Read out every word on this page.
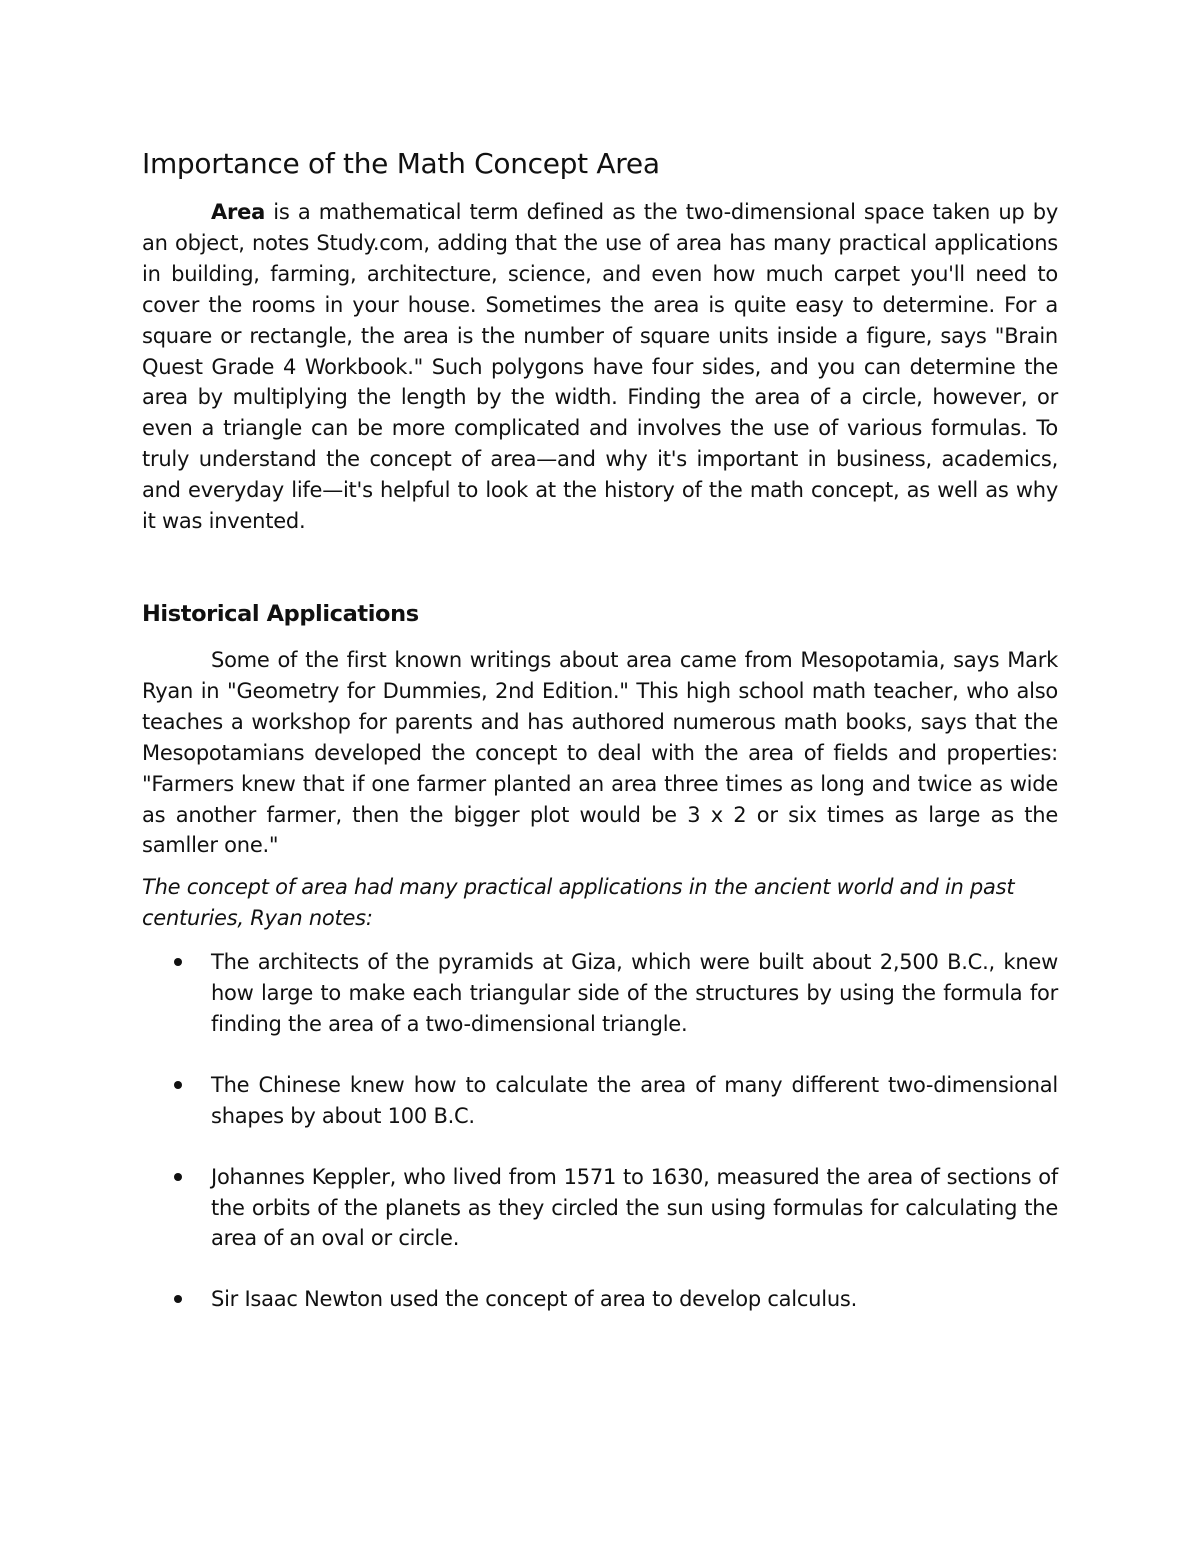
Importance of the Math Concept Area

Area is a mathematical term defined as the two-dimensional space taken up by an object, notes Study.com, adding that the use of area has many practical applications in building, farming, architecture, science, and even how much carpet you'll need to cover the rooms in your house. Sometimes the area is quite easy to determine. For a square or rectangle, the area is the number of square units inside a figure, says "Brain Quest Grade 4 Workbook." Such polygons have four sides, and you can determine the area by multiplying the length by the width. Finding the area of a circle, however, or even a triangle can be more complicated and involves the use of various formulas. To truly understand the concept of area—and why it's important in business, academics, and everyday life—it's helpful to look at the history of the math concept, as well as why it was invented.

Historical Applications

Some of the first known writings about area came from Mesopotamia, says Mark Ryan in "Geometry for Dummies, 2nd Edition." This high school math teacher, who also teaches a workshop for parents and has authored numerous math books, says that the Mesopotamians developed the concept to deal with the area of fields and properties: "Farmers knew that if one farmer planted an area three times as long and twice as wide as another farmer, then the bigger plot would be 3 x 2 or six times as large as the samller one."

The concept of area had many practical applications in the ancient world and in past centuries, Ryan notes:

The architects of the pyramids at Giza, which were built about 2,500 B.C., knew how large to make each triangular side of the structures by using the formula for finding the area of a two-dimensional triangle.
The Chinese knew how to calculate the area of many different two-dimensional shapes by about 100 B.C.
Johannes Keppler, who lived from 1571 to 1630, measured the area of sections of the orbits of the planets as they circled the sun using formulas for calculating the area of an oval or circle.
Sir Isaac Newton used the concept of area to develop calculus.
